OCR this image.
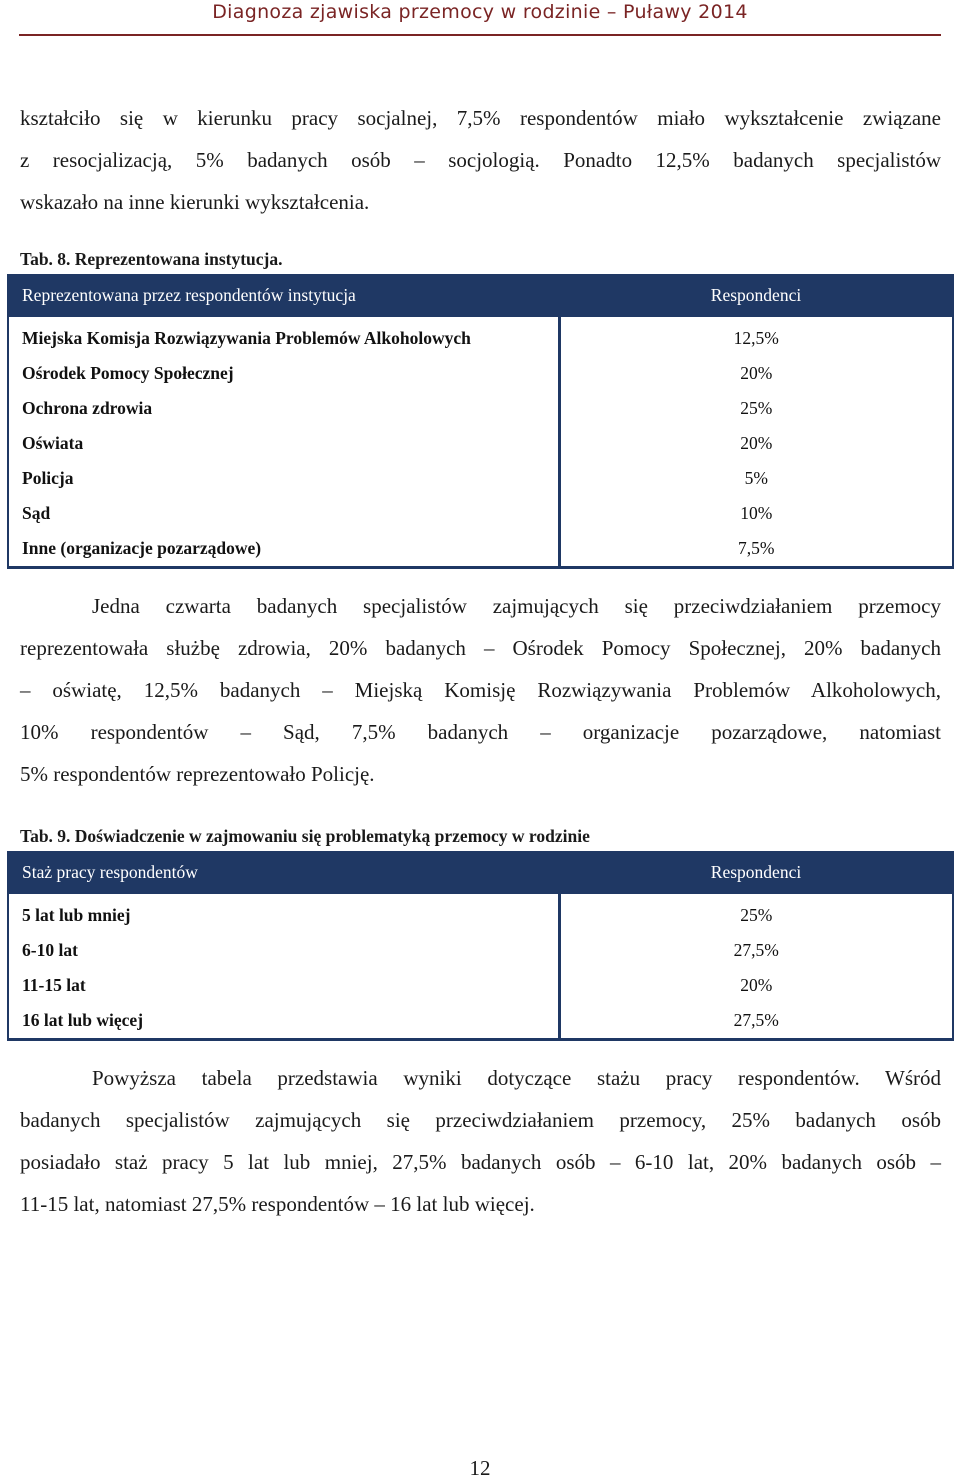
Diagnoza zjawiska przemocy w rodzinie – Puławy 2014
kształciło się w kierunku pracy socjalnej, 7,5% respondentów miało wykształcenie związane
z resocjalizacją, 5% badanych osób – socjologią. Ponadto 12,5% badanych specjalistów
wskazało na inne kierunki wykształcenia.
Tab. 8. Reprezentowana instytucja.
Reprezentowana przez respondentów instytucja	Respondenci
Miejska Komisja Rozwiązywania Problemów Alkoholowych	12,5%
Ośrodek Pomocy Społecznej	20%
Ochrona zdrowia	25%
Oświata	20%
Policja	5%
Sąd	10%
Inne (organizacje pozarządowe)	7,5%
Jedna czwarta badanych specjalistów zajmujących się przeciwdziałaniem przemocy
reprezentowała służbę zdrowia, 20% badanych – Ośrodek Pomocy Społecznej, 20% badanych
– oświatę, 12,5% badanych – Miejską Komisję Rozwiązywania Problemów Alkoholowych,
10% respondentów – Sąd, 7,5% badanych – organizacje pozarządowe, natomiast
5% respondentów reprezentowało Policję.
Tab. 9. Doświadczenie w zajmowaniu się problematyką przemocy w rodzinie
Staż pracy respondentów	Respondenci
5 lat lub mniej	25%
6-10 lat	27,5%
11-15 lat	20%
16 lat lub więcej	27,5%
Powyższa tabela przedstawia wyniki dotyczące stażu pracy respondentów. Wśród
badanych specjalistów zajmujących się przeciwdziałaniem przemocy, 25% badanych osób
posiadało staż pracy 5 lat lub mniej, 27,5% badanych osób – 6-10 lat, 20% badanych osób –
11-15 lat, natomiast 27,5% respondentów – 16 lat lub więcej.
12
